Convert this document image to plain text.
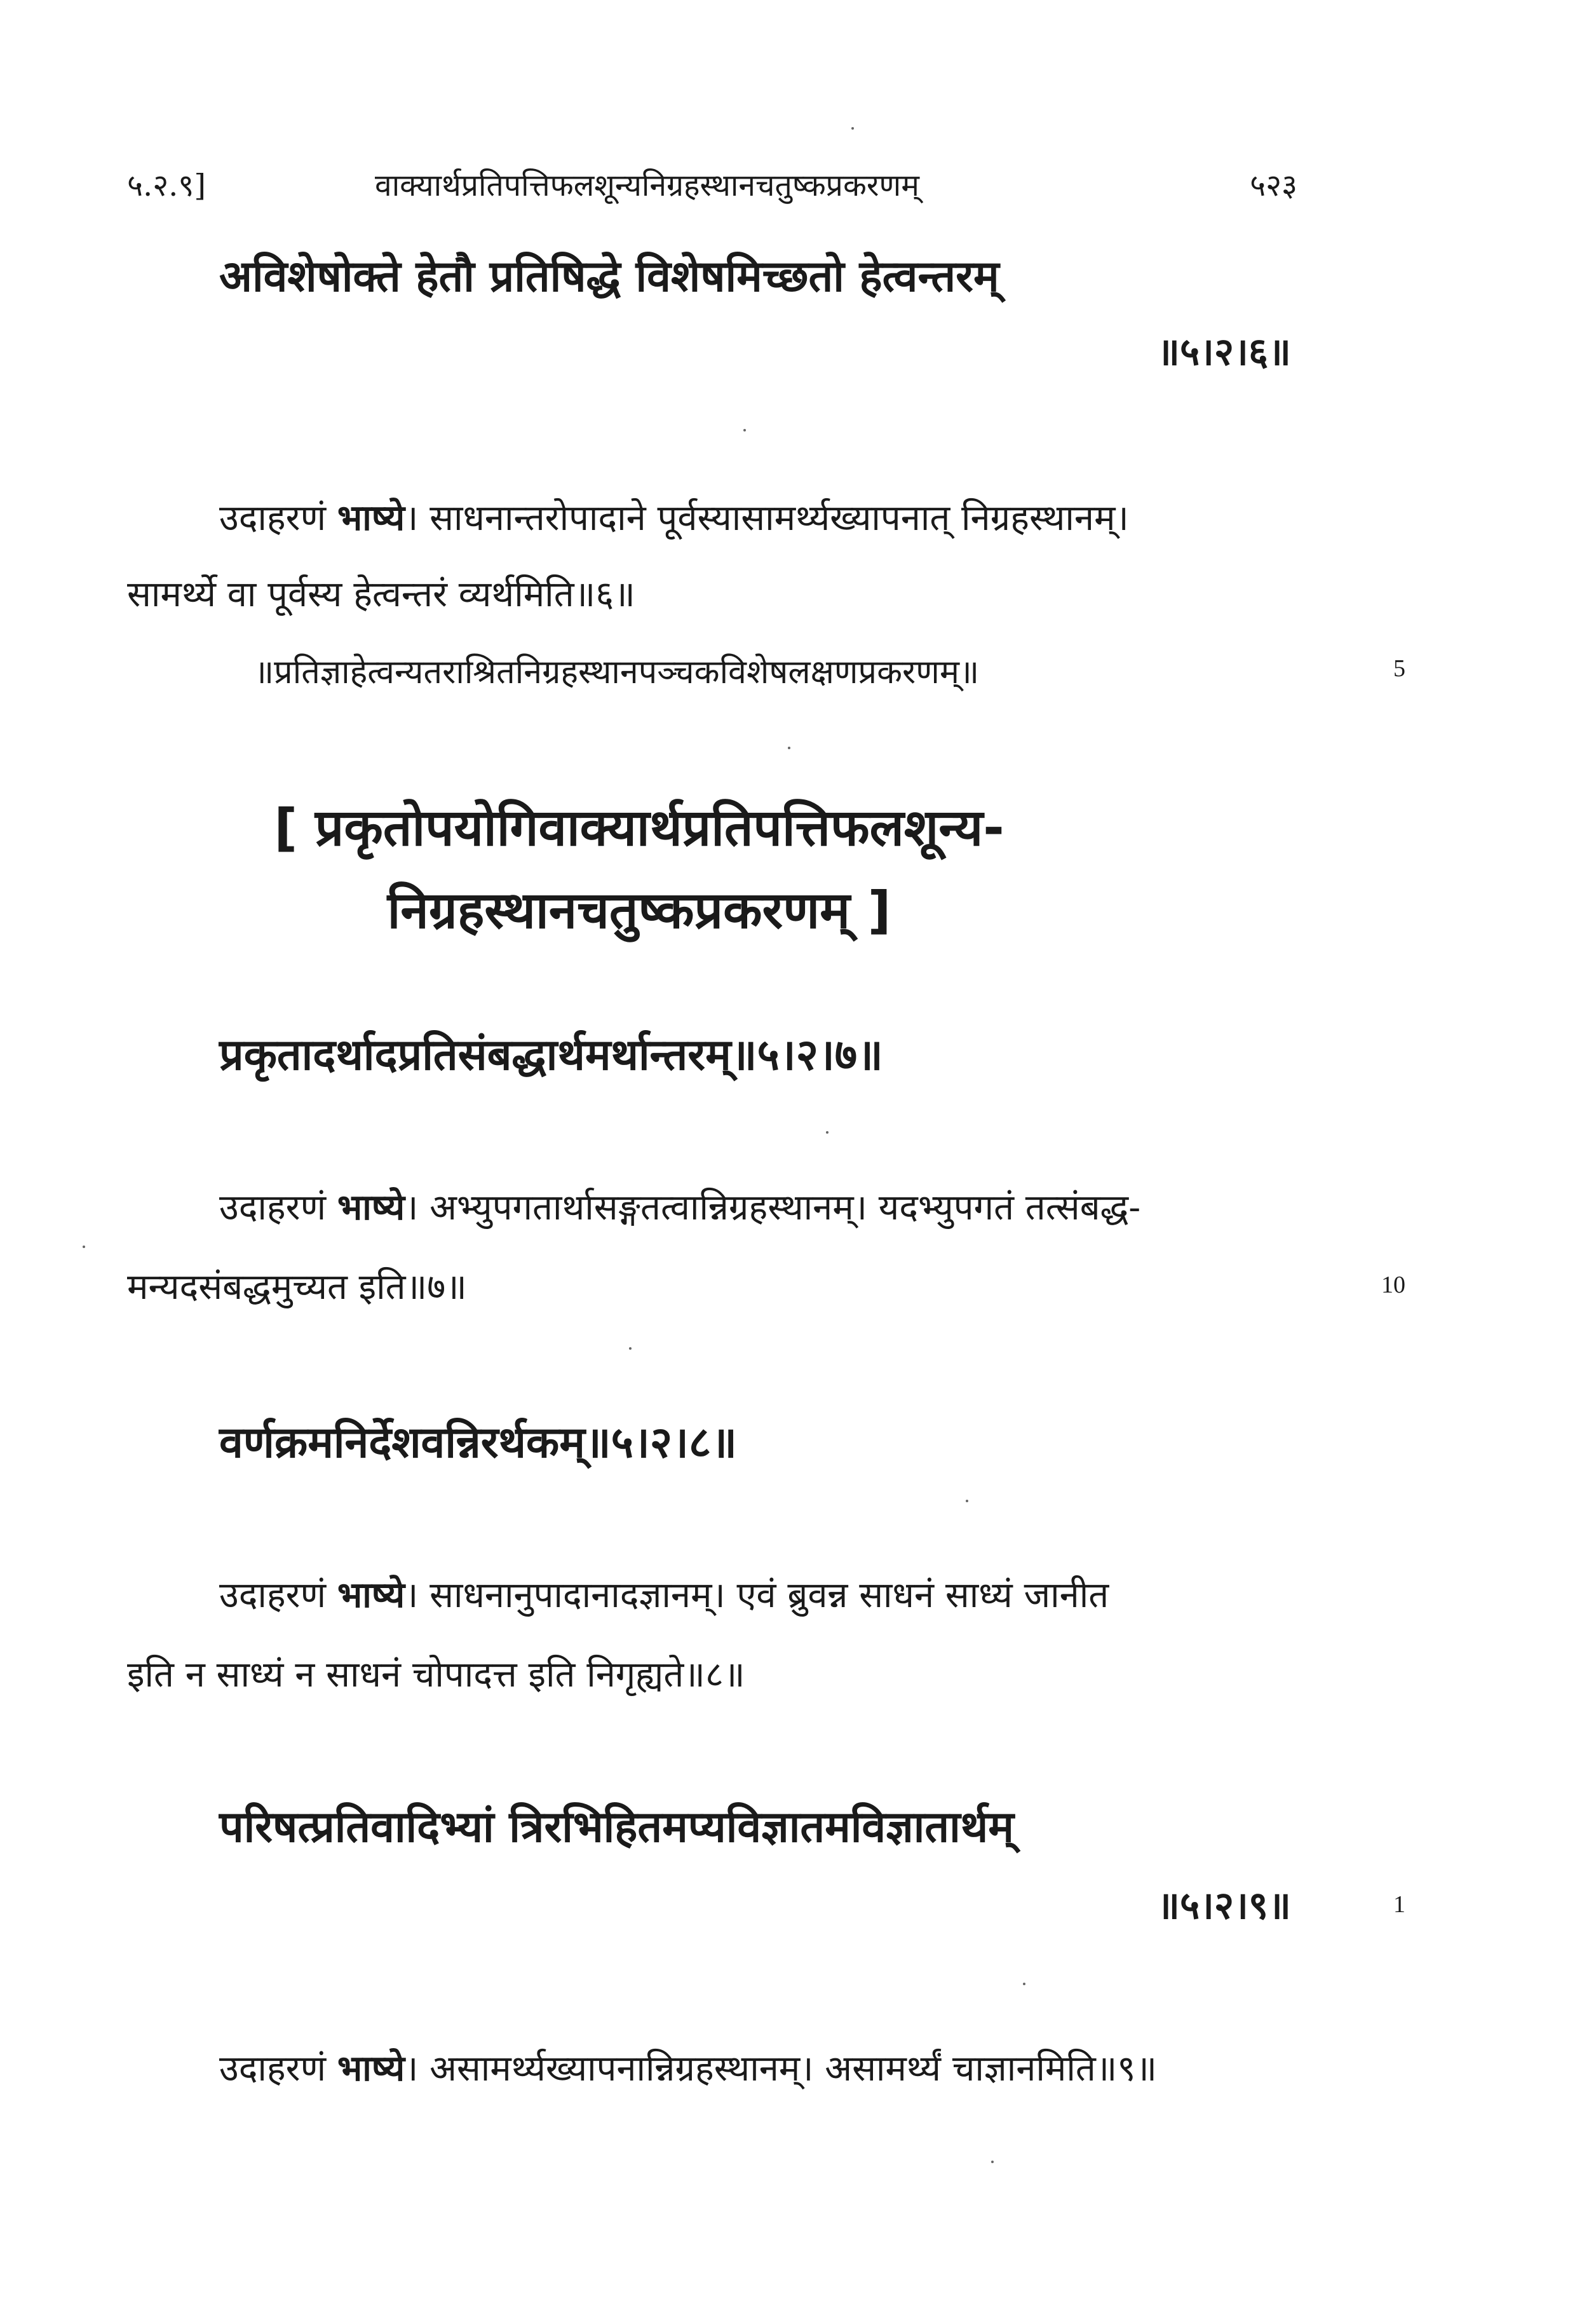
५.२.९]	वाक्यार्थप्रतिपत्तिफलशून्यनिग्रहस्थानचतुष्कप्रकरणम्	५२३
अविशेषोक्ते हेतौ प्रतिषिद्धे विशेषमिच्छतो हेत्वन्तरम्
॥५।२।६॥
उदाहरणं भाष्ये। साधनान्तरोपादाने पूर्वस्यासामर्थ्यख्यापनात् निग्रहस्थानम्।
सामर्थ्ये वा पूर्वस्य हेत्वन्तरं व्यर्थमिति॥६॥
॥प्रतिज्ञाहेत्वन्यतराश्रितनिग्रहस्थानपञ्चकविशेषलक्षणप्रकरणम्॥	5
[ प्रकृतोपयोगिवाक्यार्थप्रतिपत्तिफलशून्य-
निग्रहस्थानचतुष्कप्रकरणम् ]
प्रकृतादर्थादप्रतिसंबद्धार्थमर्थान्तरम्॥५।२।७॥
उदाहरणं भाष्ये। अभ्युपगतार्थासङ्गतत्वान्निग्रहस्थानम्। यदभ्युपगतं तत्संबद्ध-
मन्यदसंबद्धमुच्यत इति॥७॥	10
वर्णक्रमनिर्देशवन्निरर्थकम्॥५।२।८॥
उदाहरणं भाष्ये। साधनानुपादानादज्ञानम्। एवं ब्रुवन्न साधनं साध्यं जानीत
इति न साध्यं न साधनं चोपादत्त इति निगृह्यते॥८॥
परिषत्प्रतिवादिभ्यां त्रिरभिहितमप्यविज्ञातमविज्ञातार्थम्
॥५।२।९॥	1
उदाहरणं भाष्ये। असामर्थ्यख्यापनान्निग्रहस्थानम्। असामर्थ्यं चाज्ञानमिति॥९॥
